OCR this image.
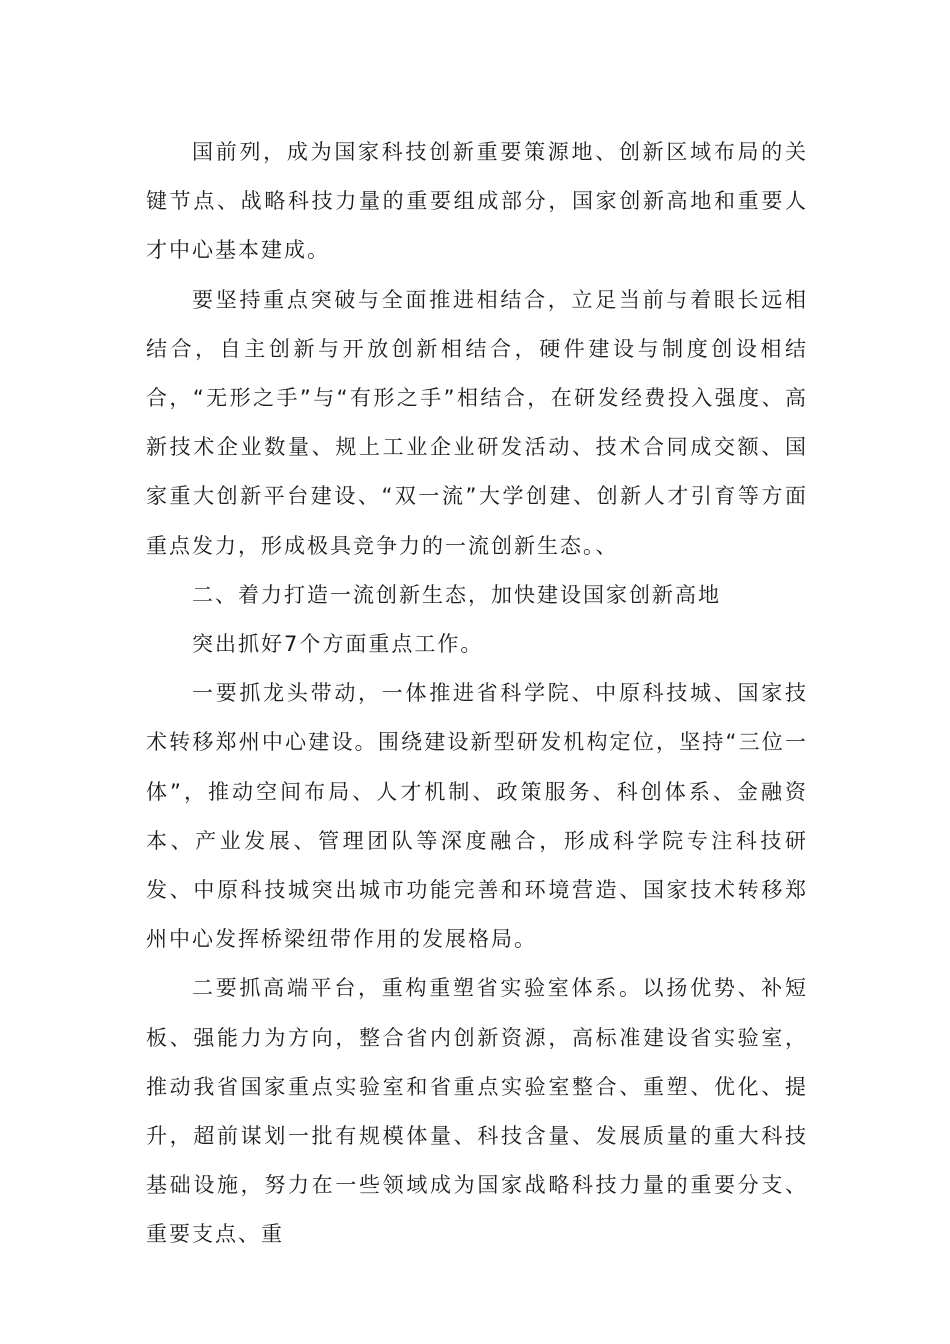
国前列，成为国家科技创新重要策源地、创新区域布局的关键节点、战略科技力量的重要组成部分，国家创新高地和重要人才中心基本建成。

要坚持重点突破与全面推进相结合，立足当前与着眼长远相结合，自主创新与开放创新相结合，硬件建设与制度创设相结合，“无形之手”与“有形之手”相结合，在研发经费投入强度、高新技术企业数量、规上工业企业研发活动、技术合同成交额、国家重大创新平台建设、“双一流”大学创建、创新人才引育等方面重点发力，形成极具竞争力的一流创新生态。、

二、着力打造一流创新生态，加快建设国家创新高地

突出抓好7个方面重点工作。

一要抓龙头带动，一体推进省科学院、中原科技城、国家技术转移郑州中心建设。围绕建设新型研发机构定位，坚持“三位一体”，推动空间布局、人才机制、政策服务、科创体系、金融资本、产业发展、管理团队等深度融合，形成科学院专注科技研发、中原科技城突出城市功能完善和环境营造、国家技术转移郑州中心发挥桥梁纽带作用的发展格局。

二要抓高端平台，重构重塑省实验室体系。以扬优势、补短板、强能力为方向，整合省内创新资源，高标准建设省实验室，推动我省国家重点实验室和省重点实验室整合、重塑、优化、提升，超前谋划一批有规模体量、科技含量、发展质量的重大科技基础设施，努力在一些领域成为国家战略科技力量的重要分支、重要支点、重
